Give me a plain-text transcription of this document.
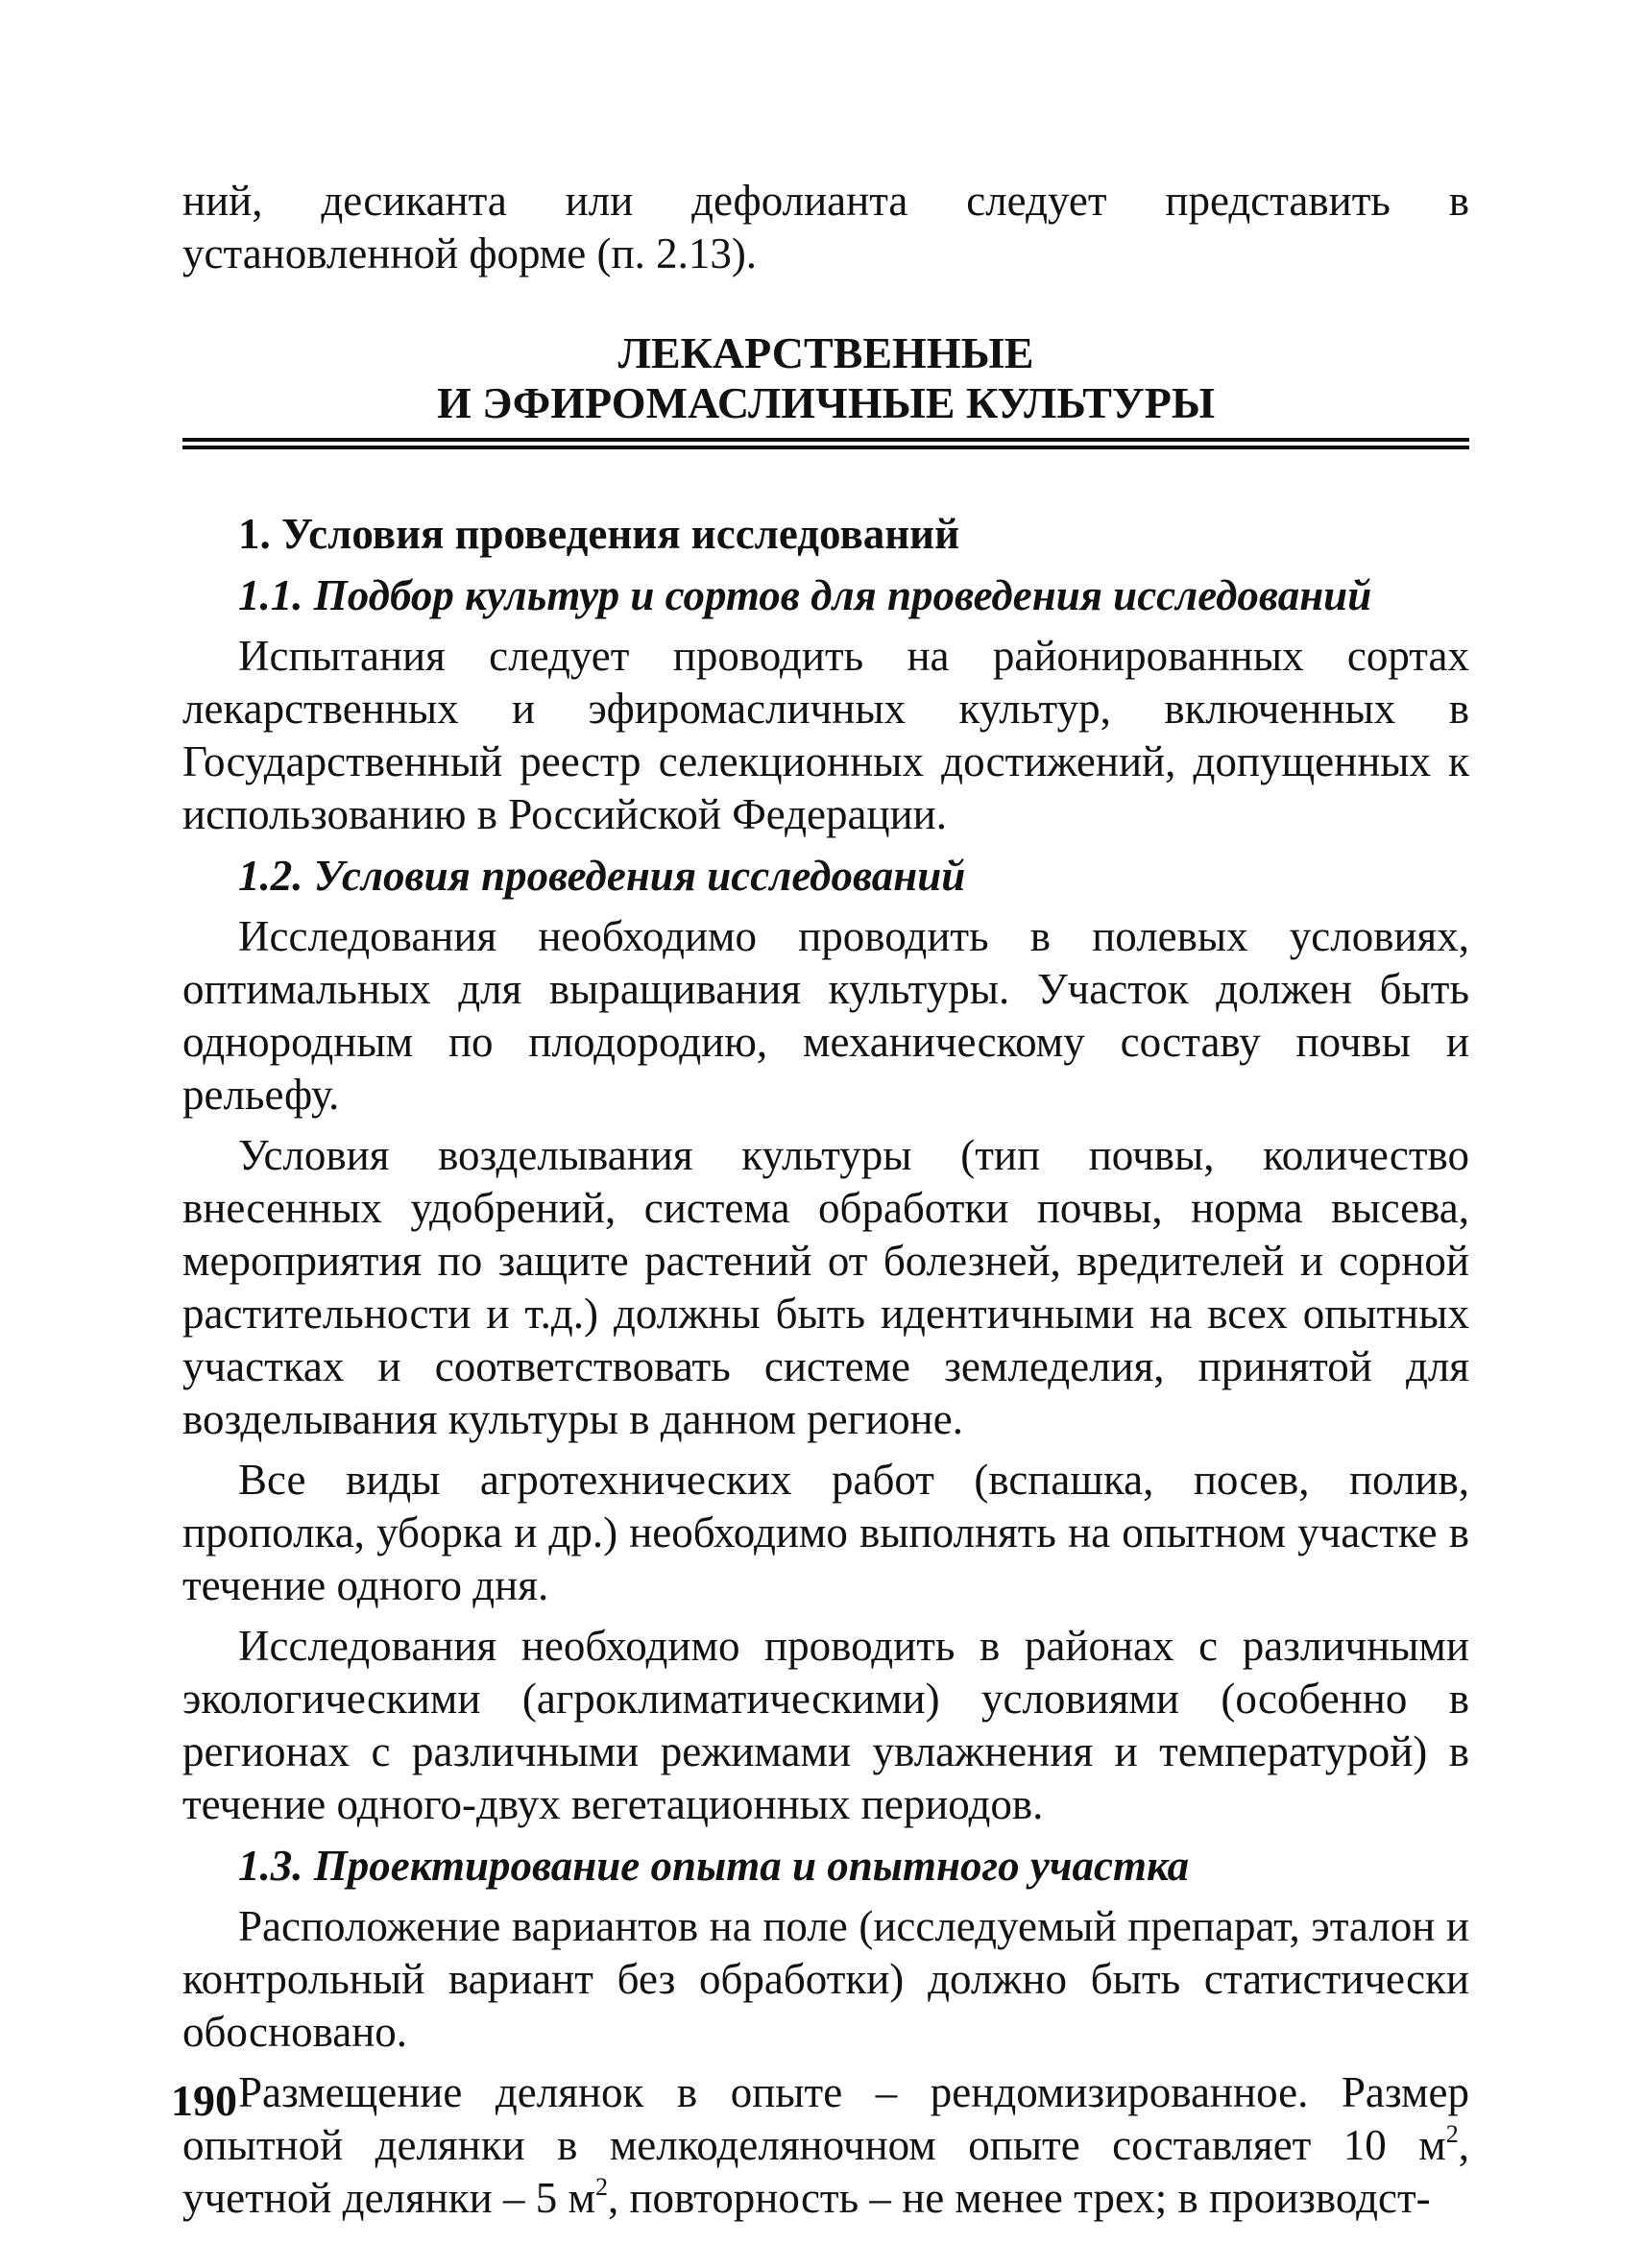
ний, десиканта или дефолианта следует представить в установленной форме (п. 2.13).

ЛЕКАРСТВЕННЫЕ
И ЭФИРОМАСЛИЧНЫЕ КУЛЬТУРЫ
1. Условия проведения исследований
1.1. Подбор культур и сортов для проведения исследований

Испытания следует проводить на районированных сортах лекарственных и эфиромасличных культур, включенных в Государственный реестр селекционных достижений, допущенных к использованию в Российской Федерации.

1.2. Условия проведения исследований

Исследования необходимо проводить в полевых условиях, оптимальных для выращивания культуры. Участок должен быть однородным по плодородию, механическому составу почвы и рельефу.

Условия возделывания культуры (тип почвы, количество внесенных удобрений, система обработки почвы, норма высева, мероприятия по защите растений от болезней, вредителей и сорной растительности и т.д.) должны быть идентичными на всех опытных участках и соответствовать системе земледелия, принятой для возделывания культуры в данном регионе.

Все виды агротехнических работ (вспашка, посев, полив, прополка, уборка и др.) необходимо выполнять на опытном участке в течение одного дня.

Исследования необходимо проводить в районах с различными экологическими (агроклиматическими) условиями (особенно в регионах с различными режимами увлажнения и температурой) в течение одного-двух вегетационных периодов.

1.3. Проектирование опыта и опытного участка

Расположение вариантов на поле (исследуемый препарат, эталон и контрольный вариант без обработки) должно быть статистически обосновано.

Размещение делянок в опыте – рендомизированное. Размер опытной делянки в мелкоделяночном опыте составляет 10 $м^2$, учетной делянки – 5 $м^2$, повторность – не менее трех; в производст-

190
